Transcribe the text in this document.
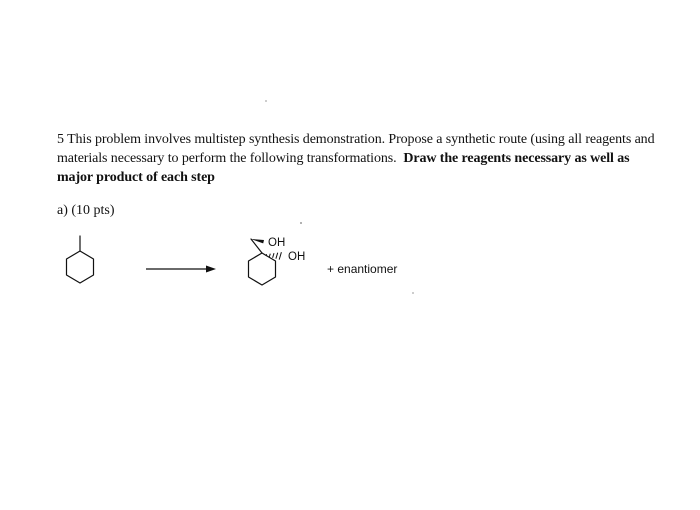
5 This problem involves multistep synthesis demonstration. Propose a synthetic route (using all reagents and materials necessary to perform the following transformations. Draw the reagents necessary as well as major product of each step
a) (10 pts)
OH
OH
+ enantiomer
